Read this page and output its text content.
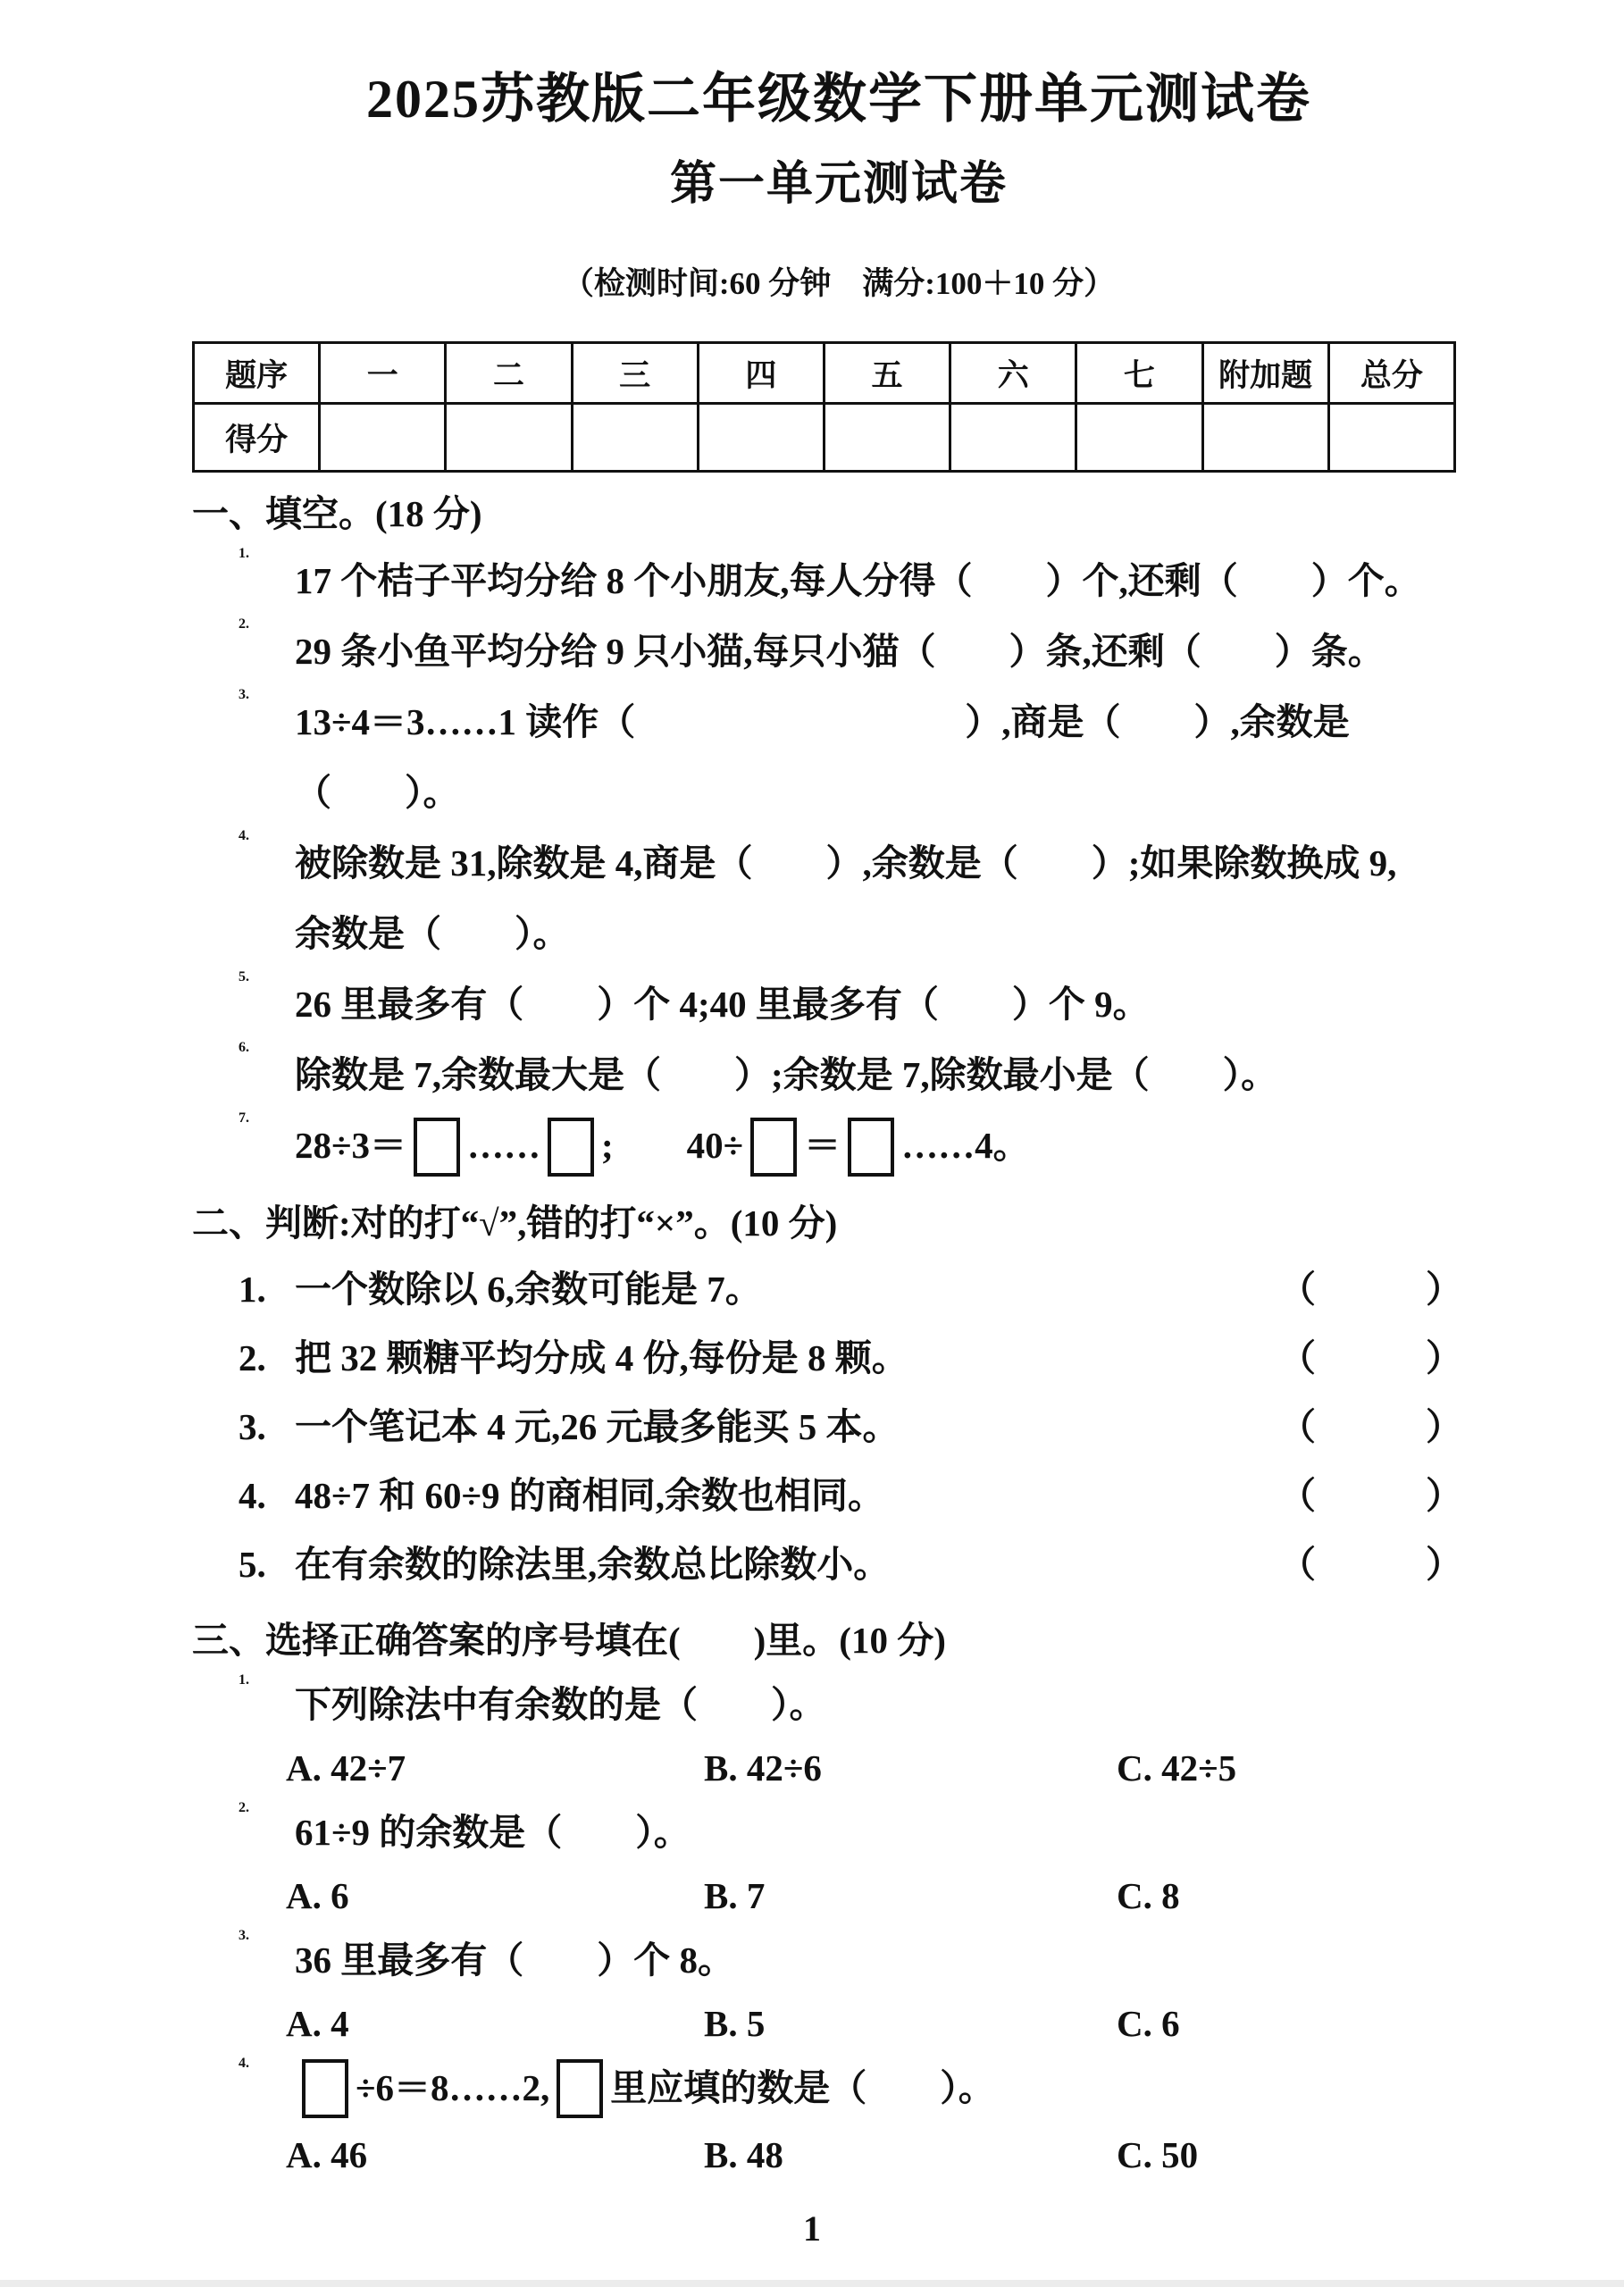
2025苏教版二年级数学下册单元测试卷
第一单元测试卷
（检测时间:60 分钟　满分:100＋10 分）
题序	一	二	三	四	五	六	七	附加题	总分
得分									
一、填空。(18 分)
1.
17 个桔子平均分给 8 个小朋友,每人分得（　　）个,还剩（　　）个。
2.
29 条小鱼平均分给 9 只小猫,每只小猫（　　）条,还剩（　　）条。
3.
13÷4＝3……1 读作（　　　　　　　　　）,商是（　　）,余数是
（　　）。
4.
被除数是 31,除数是 4,商是（　　）,余数是（　　）;如果除数换成 9,
余数是（　　）。
5.
26 里最多有（　　）个 4;40 里最多有（　　）个 9。
6.
除数是 7,余数最大是（　　）;余数是 7,除数最小是（　　）。
7.
28÷3＝ …… ;　　40÷ ＝ ……4。
二、判断:对的打“√”,错的打“×”。(10 分)
1. 一个数除以 6,余数可能是 7。	（　　　）
2. 把 32 颗糖平均分成 4 份,每份是 8 颗。	（　　　）
3. 一个笔记本 4 元,26 元最多能买 5 本。	（　　　）
4. 48÷7 和 60÷9 的商相同,余数也相同。	（　　　）
5. 在有余数的除法里,余数总比除数小。	（　　　）
三、选择正确答案的序号填在(　　)里。(10 分)
1.
下列除法中有余数的是（　　）。
A. 42÷7	B. 42÷6	C. 42÷5
2.
61÷9 的余数是（　　）。
A. 6	B. 7	C. 8
3.
36 里最多有（　　）个 8。
A. 4	B. 5	C. 6
4.
÷6＝8……2, 里应填的数是（　　）。
A. 46	B. 48	C. 50
1
